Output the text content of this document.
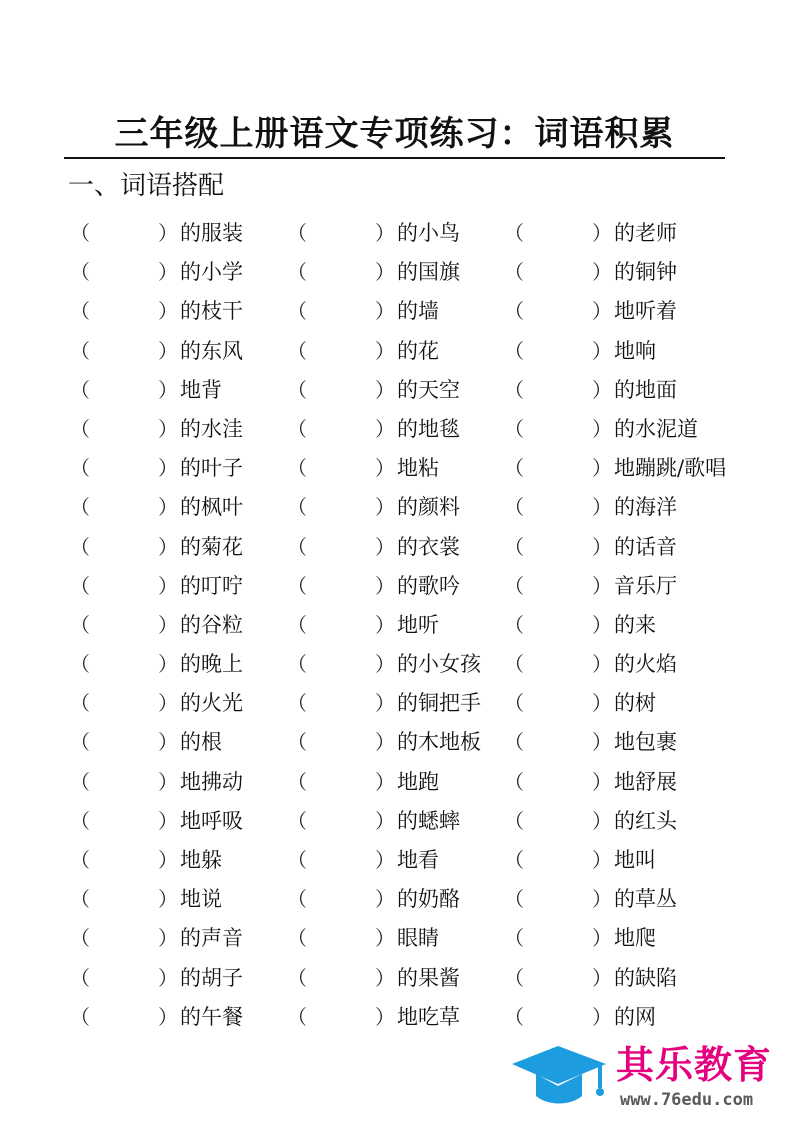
三年级上册语文专项练习：词语积累
一、词语搭配
（	） 的服装 （	） 的小鸟 （	） 的老师
（	） 的小学 （	） 的国旗 （	） 的铜钟
（	） 的枝干 （	） 的墙	（	） 地听着
（	） 的东风 （	） 的花	（	） 地响
（	） 地背	（	） 的天空 （	） 的地面
（	） 的水洼 （	） 的地毯 （	） 的水泥道
（	） 的叶子 （	） 地粘	（	） 地蹦跳/歌唱
（	） 的枫叶 （	） 的颜料 （	） 的海洋
（	） 的菊花 （	） 的衣裳 （	） 的话音
（	） 的叮咛 （	） 的歌吟 （	） 音乐厅
（	） 的谷粒 （	） 地听	（	） 的来
（	） 的晚上 （	） 的小女孩 （	） 的火焰
（	） 的火光 （	） 的铜把手 （	） 的树
（	） 的根	（	） 的木地板 （	） 地包裹
（	） 地拂动 （	） 地跑	（	） 地舒展
（	） 地呼吸 （	） 的蟋蟀 （	） 的红头
（	） 地躲	（	） 地看	（	） 地叫
（	） 地说	（	） 的奶酪 （	） 的草丛
（	） 的声音 （	） 眼睛	（	） 地爬
（	） 的胡子 （	） 的果酱 （	） 的缺陷
（	） 的午餐 （	） 地吃草 （	） 的网
其乐教育
www.76edu.com
